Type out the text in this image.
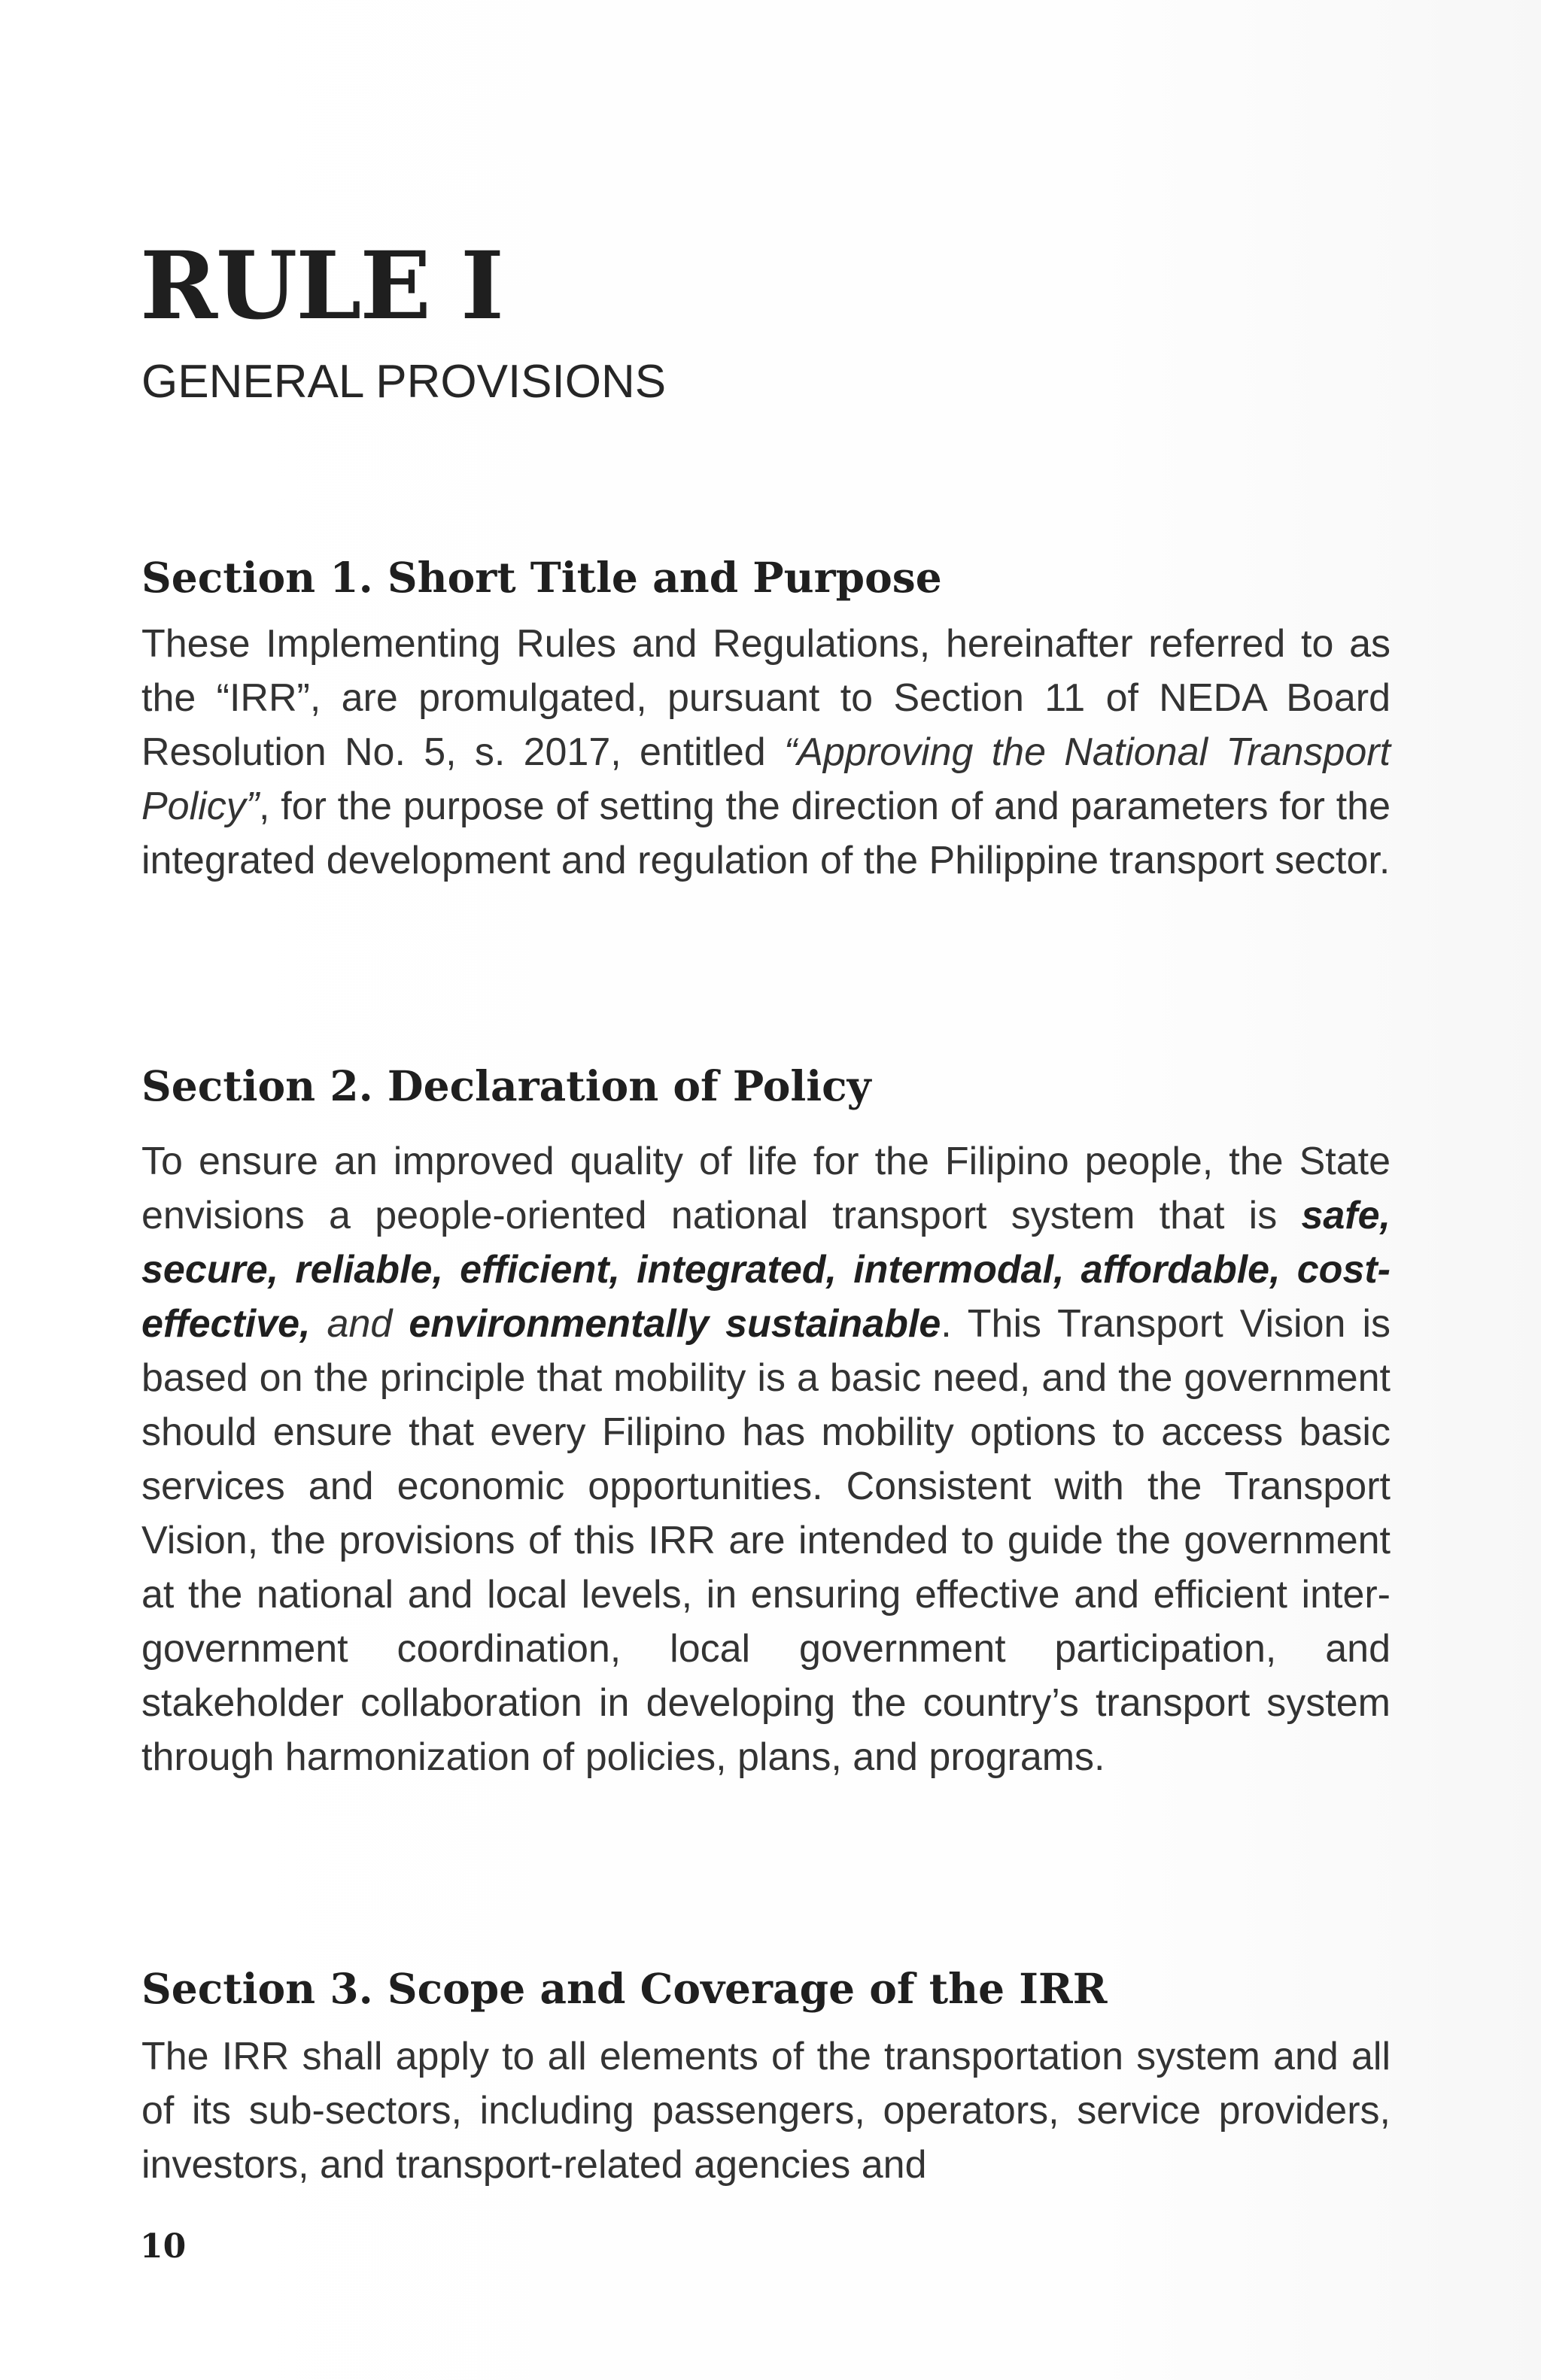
RULE I
GENERAL PROVISIONS
Section 1. Short Title and Purpose

These Implementing Rules and Regulations, hereinafter referred to as the “IRR”, are promulgated, pursuant to Section 11 of NEDA Board Resolution No. 5, s. 2017, entitled “Approving the National Transport Policy”, for the purpose of setting the direction of and parameters for the integrated development and regulation of the Philippine transport sector.

Section 2. Declaration of Policy

To ensure an improved quality of life for the Filipino people, the State envisions a people-oriented national transport system that is safe, secure, reliable, efficient, integrated, intermodal, affordable, cost-effective, and environmentally sustainable. This Transport Vision is based on the principle that mobility is a basic need, and the government should ensure that every Filipino has mobility options to access basic services and economic opportunities. Consistent with the Transport Vision, the provisions of this IRR are intended to guide the government at the national and local levels, in ensuring effective and efficient inter-government coordination, local government participation, and stakeholder collaboration in developing the country’s transport system through harmonization of policies, plans, and programs.

Section 3. Scope and Coverage of the IRR

The IRR shall apply to all elements of the transportation system and all of its sub-sectors, including passengers, operators, service providers, investors, and transport-related agencies and

10
